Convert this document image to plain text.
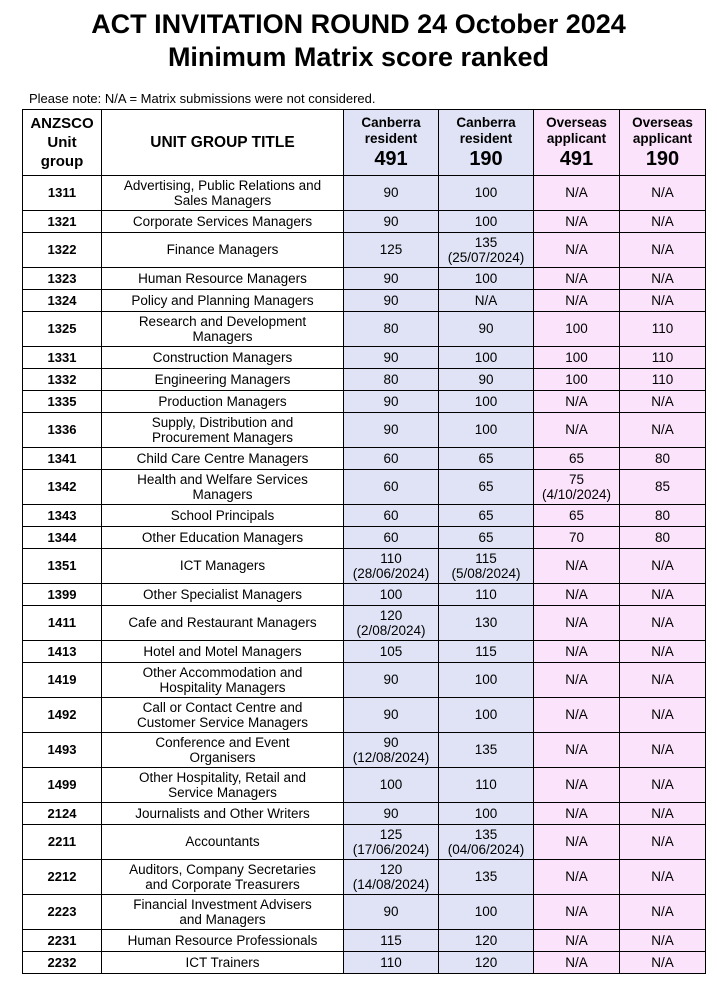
ACT INVITATION ROUND 24 October 2024
Minimum Matrix score ranked
Please note: N/A = Matrix submissions were not considered.
ANZSCO
Unit
group	UNIT GROUP TITLE	Canberra
resident
491	Canberra
resident
190	Overseas
applicant
491	Overseas
applicant
190

1311	Advertising, Public Relations and
Sales Managers	90	100	N/A	N/A
1321	Corporate Services Managers	90	100	N/A	N/A
1322	Finance Managers	125	135
(25/07/2024)	N/A	N/A
1323	Human Resource Managers	90	100	N/A	N/A
1324	Policy and Planning Managers	90	N/A	N/A	N/A
1325	Research and Development
Managers	80	90	100	110
1331	Construction Managers	90	100	100	110
1332	Engineering Managers	80	90	100	110
1335	Production Managers	90	100	N/A	N/A
1336	Supply, Distribution and
Procurement Managers	90	100	N/A	N/A
1341	Child Care Centre Managers	60	65	65	80
1342	Health and Welfare Services
Managers	60	65	75
(4/10/2024)	85
1343	School Principals	60	65	65	80
1344	Other Education Managers	60	65	70	80
1351	ICT Managers	110
(28/06/2024)	115
(5/08/2024)	N/A	N/A
1399	Other Specialist Managers	100	110	N/A	N/A
1411	Cafe and Restaurant Managers	120
(2/08/2024)	130	N/A	N/A
1413	Hotel and Motel Managers	105	115	N/A	N/A
1419	Other Accommodation and
Hospitality Managers	90	100	N/A	N/A
1492	Call or Contact Centre and
Customer Service Managers	90	100	N/A	N/A
1493	Conference and Event
Organisers	90
(12/08/2024)	135	N/A	N/A
1499	Other Hospitality, Retail and
Service Managers	100	110	N/A	N/A
2124	Journalists and Other Writers	90	100	N/A	N/A
2211	Accountants	125
(17/06/2024)	135
(04/06/2024)	N/A	N/A
2212	Auditors, Company Secretaries
and Corporate Treasurers	120
(14/08/2024)	135	N/A	N/A
2223	Financial Investment Advisers
and Managers	90	100	N/A	N/A
2231	Human Resource Professionals	115	120	N/A	N/A
2232	ICT Trainers	110	120	N/A	N/A
